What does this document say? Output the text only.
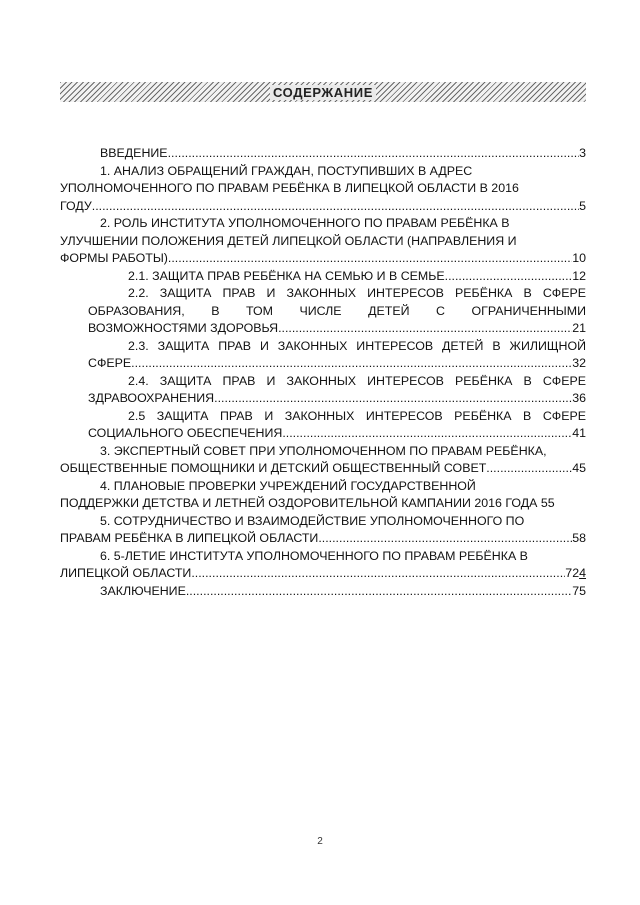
СОДЕРЖАНИЕ
ВВЕДЕНИЕ .....	3
1. АНАЛИЗ ОБРАЩЕНИЙ ГРАЖДАН, ПОСТУПИВШИХ В АДРЕС
УПОЛНОМОЧЕННОГО ПО ПРАВАМ РЕБЁНКА В ЛИПЕЦКОЙ ОБЛАСТИ В 2016
ГОДУ .....	5
2. РОЛЬ ИНСТИТУТА УПОЛНОМОЧЕННОГО ПО ПРАВАМ РЕБЁНКА В
УЛУЧШЕНИИ ПОЛОЖЕНИЯ ДЕТЕЙ ЛИПЕЦКОЙ ОБЛАСТИ (НАПРАВЛЕНИЯ И
ФОРМЫ РАБОТЫ) .....	10
2.1. ЗАЩИТА ПРАВ РЕБЁНКА НА СЕМЬЮ И В СЕМЬЕ .....	12
2.2. ЗАЩИТА ПРАВ И ЗАКОННЫХ ИНТЕРЕСОВ РЕБЁНКА В СФЕРЕ
ОБРАЗОВАНИЯ, В ТОМ ЧИСЛЕ ДЕТЕЙ С ОГРАНИЧЕННЫМИ
ВОЗМОЖНОСТЯМИ ЗДОРОВЬЯ .....	21
2.3. ЗАЩИТА ПРАВ И ЗАКОННЫХ ИНТЕРЕСОВ ДЕТЕЙ В ЖИЛИЩНОЙ
СФЕРЕ .....	32
2.4. ЗАЩИТА ПРАВ И ЗАКОННЫХ ИНТЕРЕСОВ РЕБЁНКА В СФЕРЕ
ЗДРАВООХРАНЕНИЯ .....	36
2.5 ЗАЩИТА ПРАВ И ЗАКОННЫХ ИНТЕРЕСОВ РЕБЁНКА В СФЕРЕ
СОЦИАЛЬНОГО ОБЕСПЕЧЕНИЯ .....	41
3. ЭКСПЕРТНЫЙ СОВЕТ ПРИ УПОЛНОМОЧЕННОМ ПО ПРАВАМ РЕБЁНКА,
ОБЩЕСТВЕННЫЕ ПОМОЩНИКИ И ДЕТСКИЙ ОБЩЕСТВЕННЫЙ СОВЕТ .....	45
4. ПЛАНОВЫЕ ПРОВЕРКИ УЧРЕЖДЕНИЙ ГОСУДАРСТВЕННОЙ
ПОДДЕРЖКИ ДЕТСТВА И ЛЕТНЕЙ ОЗДОРОВИТЕЛЬНОЙ КАМПАНИИ 2016 ГОДА 55
5. СОТРУДНИЧЕСТВО И ВЗАИМОДЕЙСТВИЕ УПОЛНОМОЧЕННОГО ПО
ПРАВАМ РЕБЁНКА В ЛИПЕЦКОЙ ОБЛАСТИ .....	58
6. 5-ЛЕТИЕ ИНСТИТУТА УПОЛНОМОЧЕННОГО ПО ПРАВАМ РЕБЁНКА В
ЛИПЕЦКОЙ ОБЛАСТИ .....	724
ЗАКЛЮЧЕНИЕ .....	75
2
